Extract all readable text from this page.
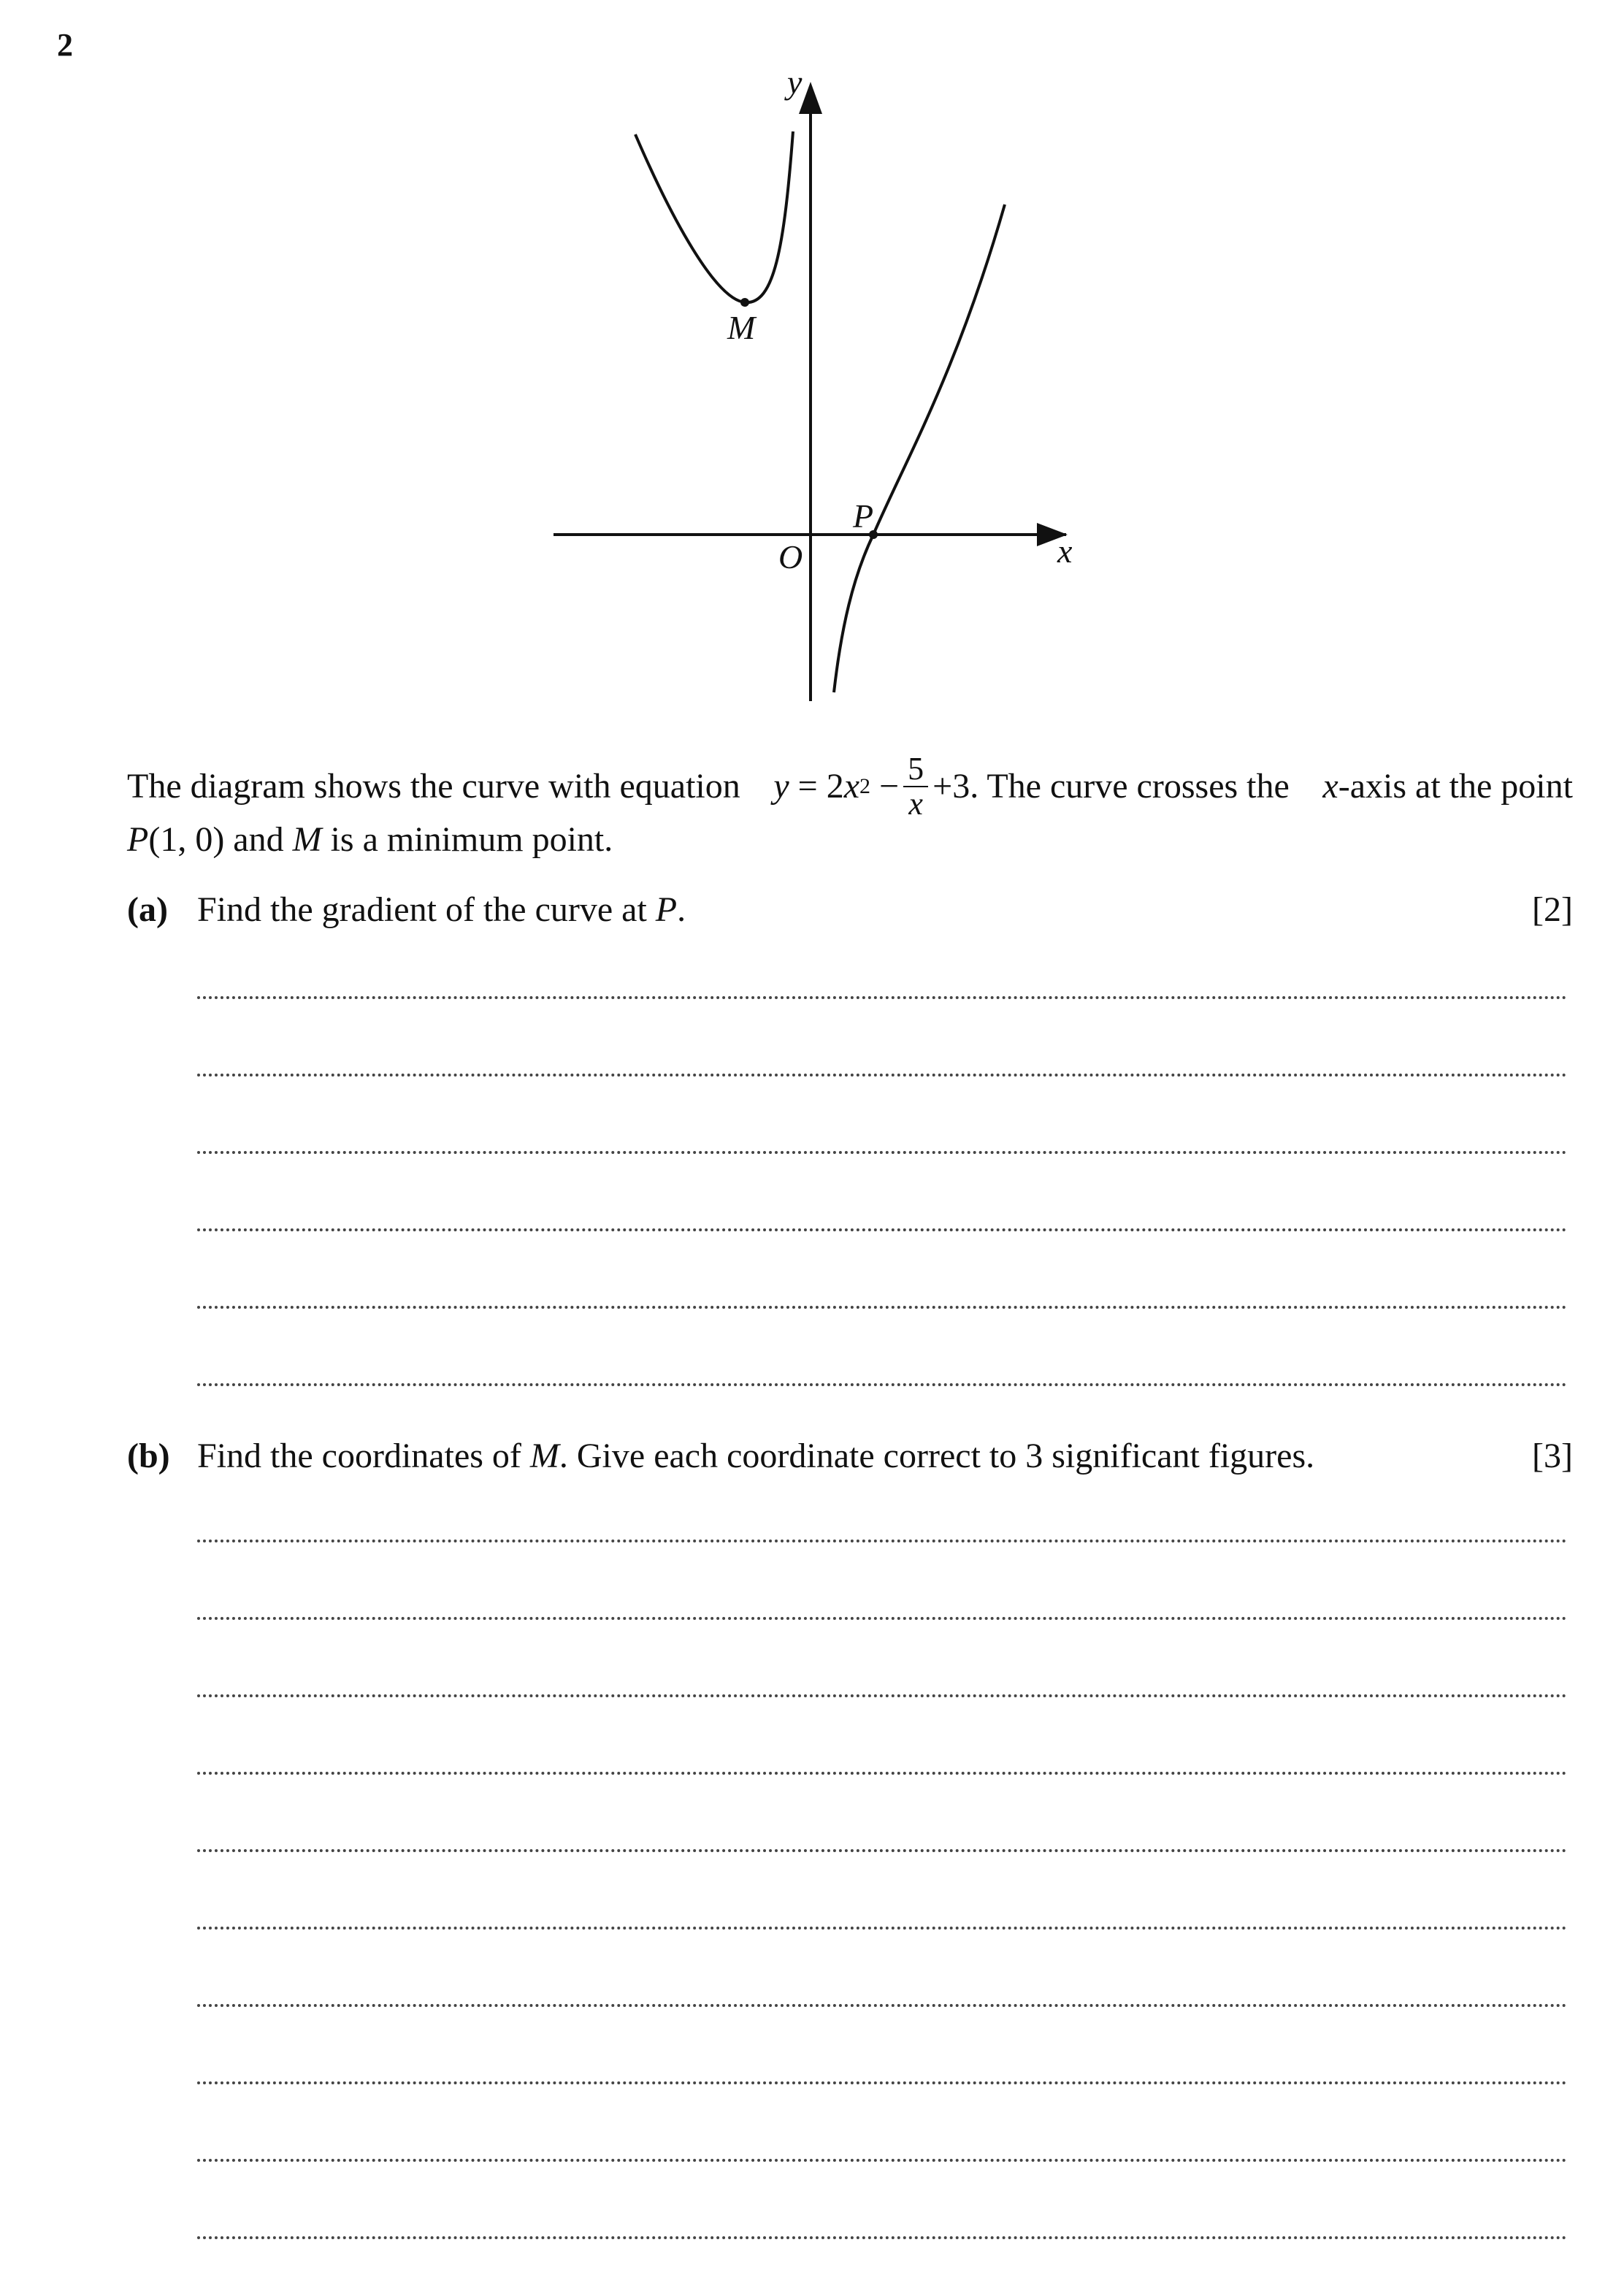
2
y
x
O
P
M
The diagram shows the curve with equation y
= 2 x 2
− $\frac{5}{x} +3$. The curve crosses the x-axis at the point
P(1, 0) and M is a minimum point.
(a) Find the gradient of the curve at P.	[2]
(b) Find the coordinates of M. Give each coordinate correct to 3 significant figures.	[3]
